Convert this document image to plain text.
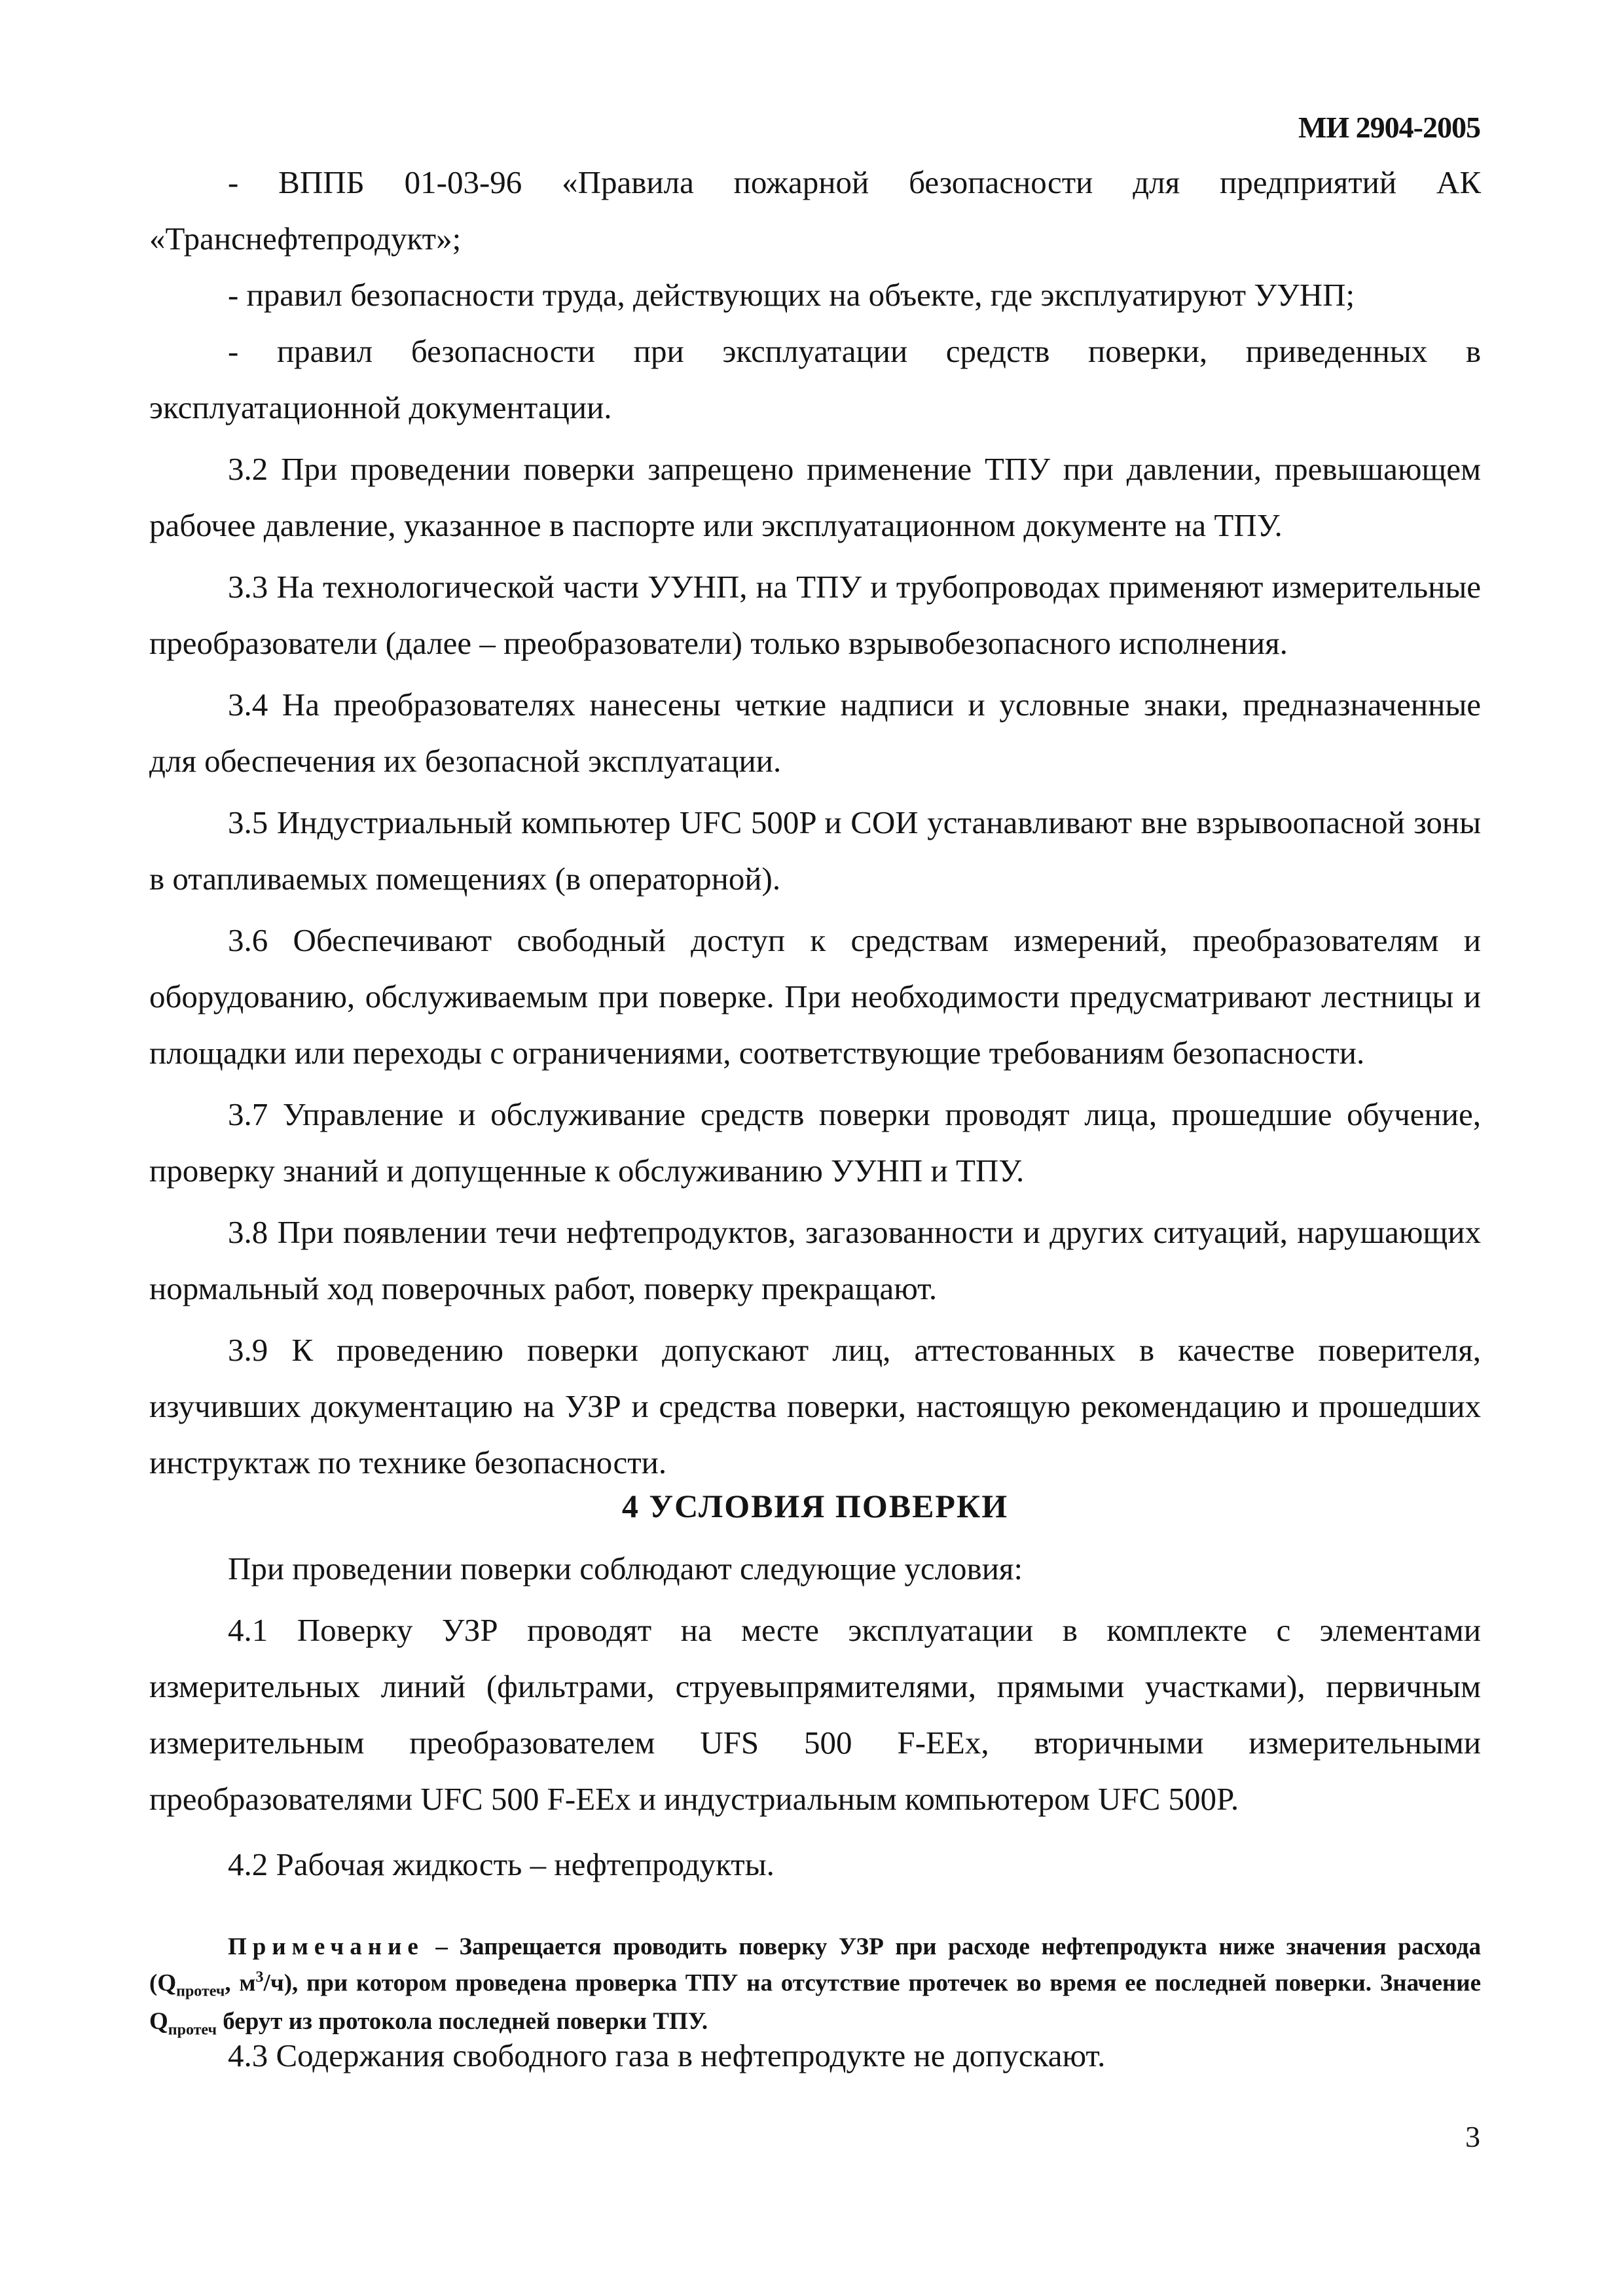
МИ 2904-2005

- ВППБ 01-03-96 «Правила пожарной безопасности для предприятий АК «Транснефтепродукт»;

- правил безопасности труда, действующих на объекте, где эксплуатируют УУНП;

- правил безопасности при эксплуатации средств поверки, приведенных в эксплуатационной документации.

3.2 При проведении поверки запрещено применение ТПУ при давлении, превышающем рабочее давление, указанное в паспорте или эксплуатационном документе на ТПУ.

3.3 На технологической части УУНП, на ТПУ и трубопроводах применяют измерительные преобразователи (далее – преобразователи) только взрывобезопасного исполнения.

3.4 На преобразователях нанесены четкие надписи и условные знаки, предназначенные для обеспечения их безопасной эксплуатации.

3.5 Индустриальный компьютер UFC 500P и СОИ устанавливают вне взрывоопасной зоны в отапливаемых помещениях (в операторной).

3.6 Обеспечивают свободный доступ к средствам измерений, преобразователям и оборудованию, обслуживаемым при поверке. При необходимости предусматривают лестницы и площадки или переходы с ограничениями, соответствующие требованиям безопасности.

3.7 Управление и обслуживание средств поверки проводят лица, прошедшие обучение, проверку знаний и допущенные к обслуживанию УУНП и ТПУ.

3.8 При появлении течи нефтепродуктов, загазованности и других ситуаций, нарушающих нормальный ход поверочных работ, поверку прекращают.

3.9 К проведению поверки допускают лиц, аттестованных в качестве поверителя, изучивших документацию на УЗР и средства поверки, настоящую рекомендацию и прошедших инструктаж по технике безопасности.

4 УСЛОВИЯ ПОВЕРКИ

При проведении поверки соблюдают следующие условия:

4.1 Поверку УЗР проводят на месте эксплуатации в комплекте с элементами измерительных линий (фильтрами, струевыпрямителями, прямыми участками), первичным измерительным преобразователем UFS 500 F-EEx, вторичными измерительными преобразователями UFC 500 F-EEx и индустриальным компьютером UFC 500P.

4.2 Рабочая жидкость – нефтепродукты.

Примечание – Запрещается проводить поверку УЗР при расходе нефтепродукта ниже значения расхода ($Q_{протеч}$, $м^3/ч$), при котором проведена проверка ТПУ на отсутствие протечек во время ее последней поверки. Значение $Q_{протеч}$ берут из протокола последней поверки ТПУ.
4.3 Содержания свободного газа в нефтепродукте не допускают.
3
